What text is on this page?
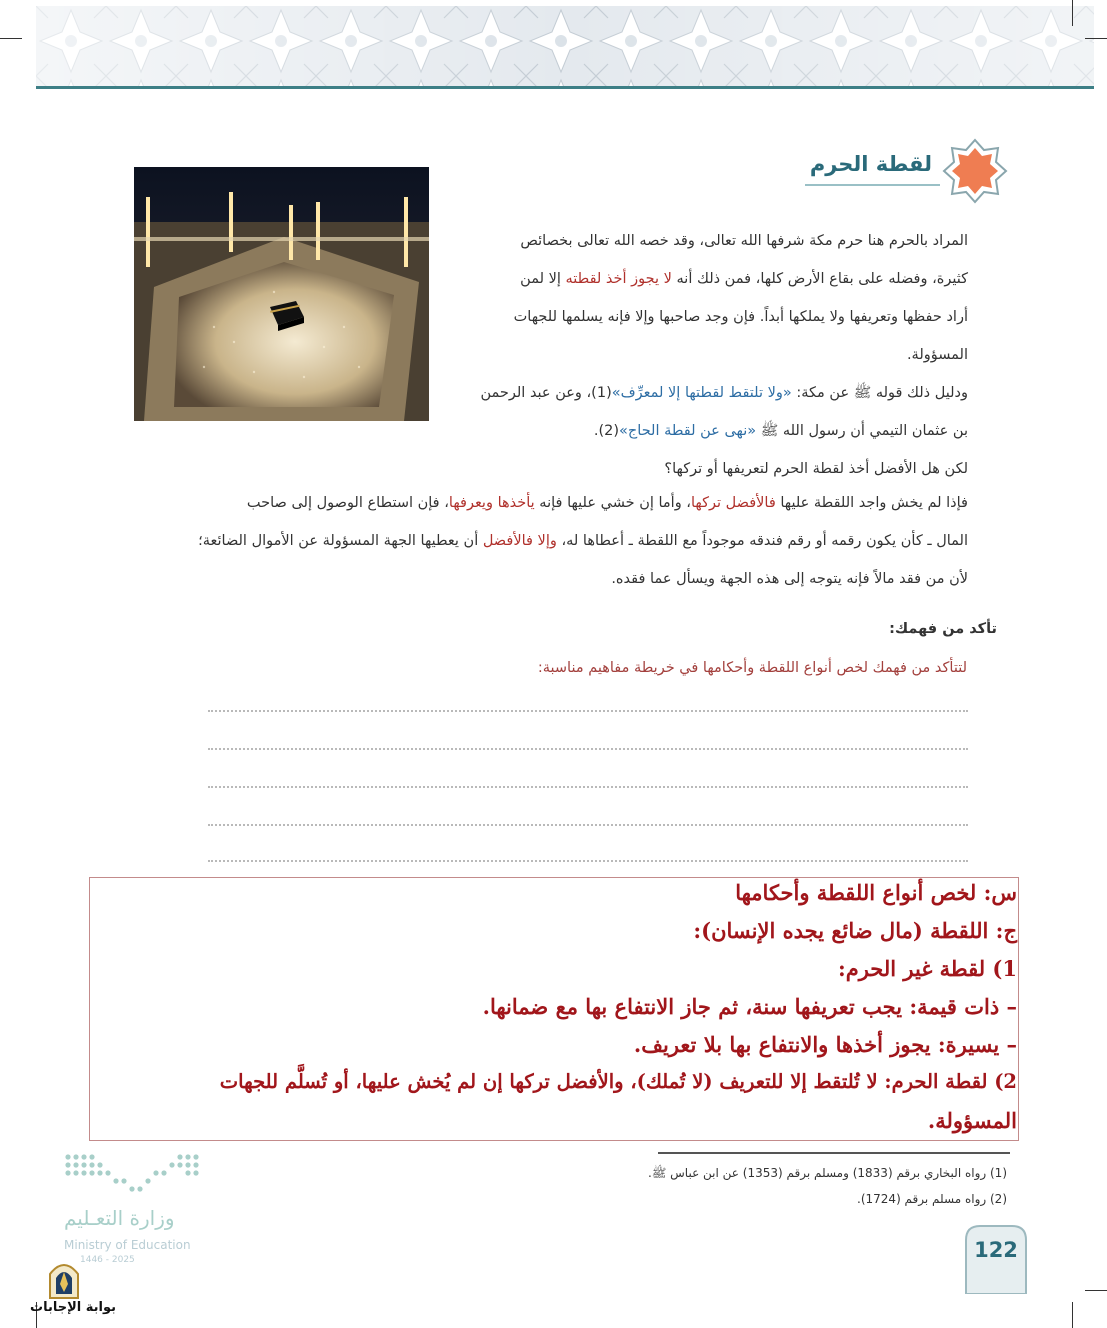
لقطة الحرم
المراد بالحرم هنا حرم مكة شرفها الله تعالى، وقد خصه الله تعالى بخصائص
كثيرة، وفضله على بقاع الأرض كلها، فمن ذلك أنه لا يجوز أخذ لقطته إلا لمن
أراد حفظها وتعريفها ولا يملكها أبداً. فإن وجد صاحبها وإلا فإنه يسلمها للجهات
المسؤولة.
ودليل ذلك قوله ﷺ عن مكة: «ولا تلتقط لقطتها إلا لمعرِّف»(1)، وعن عبد الرحمن
بن عثمان التيمي أن رسول الله ﷺ «نهى عن لقطة الحاج»(2).
لكن هل الأفضل أخذ لقطة الحرم لتعريفها أو تركها؟
فإذا لم يخش واجد اللقطة عليها فالأفضل تركها، وأما إن خشي عليها فإنه يأخذها ويعرفها، فإن استطاع الوصول إلى صاحب
المال ـ كأن يكون رقمه أو رقم فندقه موجوداً مع اللقطة ـ أعطاها له، وإلا فالأفضل أن يعطيها الجهة المسؤولة عن الأموال الضائعة؛
لأن من فقد مالاً فإنه يتوجه إلى هذه الجهة ويسأل عما فقده.
تأكد من فهمك:
لتتأكد من فهمك لخص أنواع اللقطة وأحكامها في خريطة مفاهيم مناسبة:
س: لخص أنواع اللقطة وأحكامها
ج: اللقطة (مال ضائع يجده الإنسان):
1) لقطة غير الحرم:
– ذات قيمة: يجب تعريفها سنة، ثم جاز الانتفاع بها مع ضمانها.
– يسيرة: يجوز أخذها والانتفاع بها بلا تعريف.
2) لقطة الحرم: لا تُلتقط إلا للتعريف (لا تُملك)، والأفضل تركها إن لم يُخش عليها، أو تُسلَّم للجهات
المسؤولة.
(1) رواه البخاري برقم (1833) ومسلم برقم (1353) عن ابن عباس ﷺ.
(2) رواه مسلم برقم (1724).
وزارة التعـليم
Ministry of Education
1446 - 2025
بوابة الإجابات
122
